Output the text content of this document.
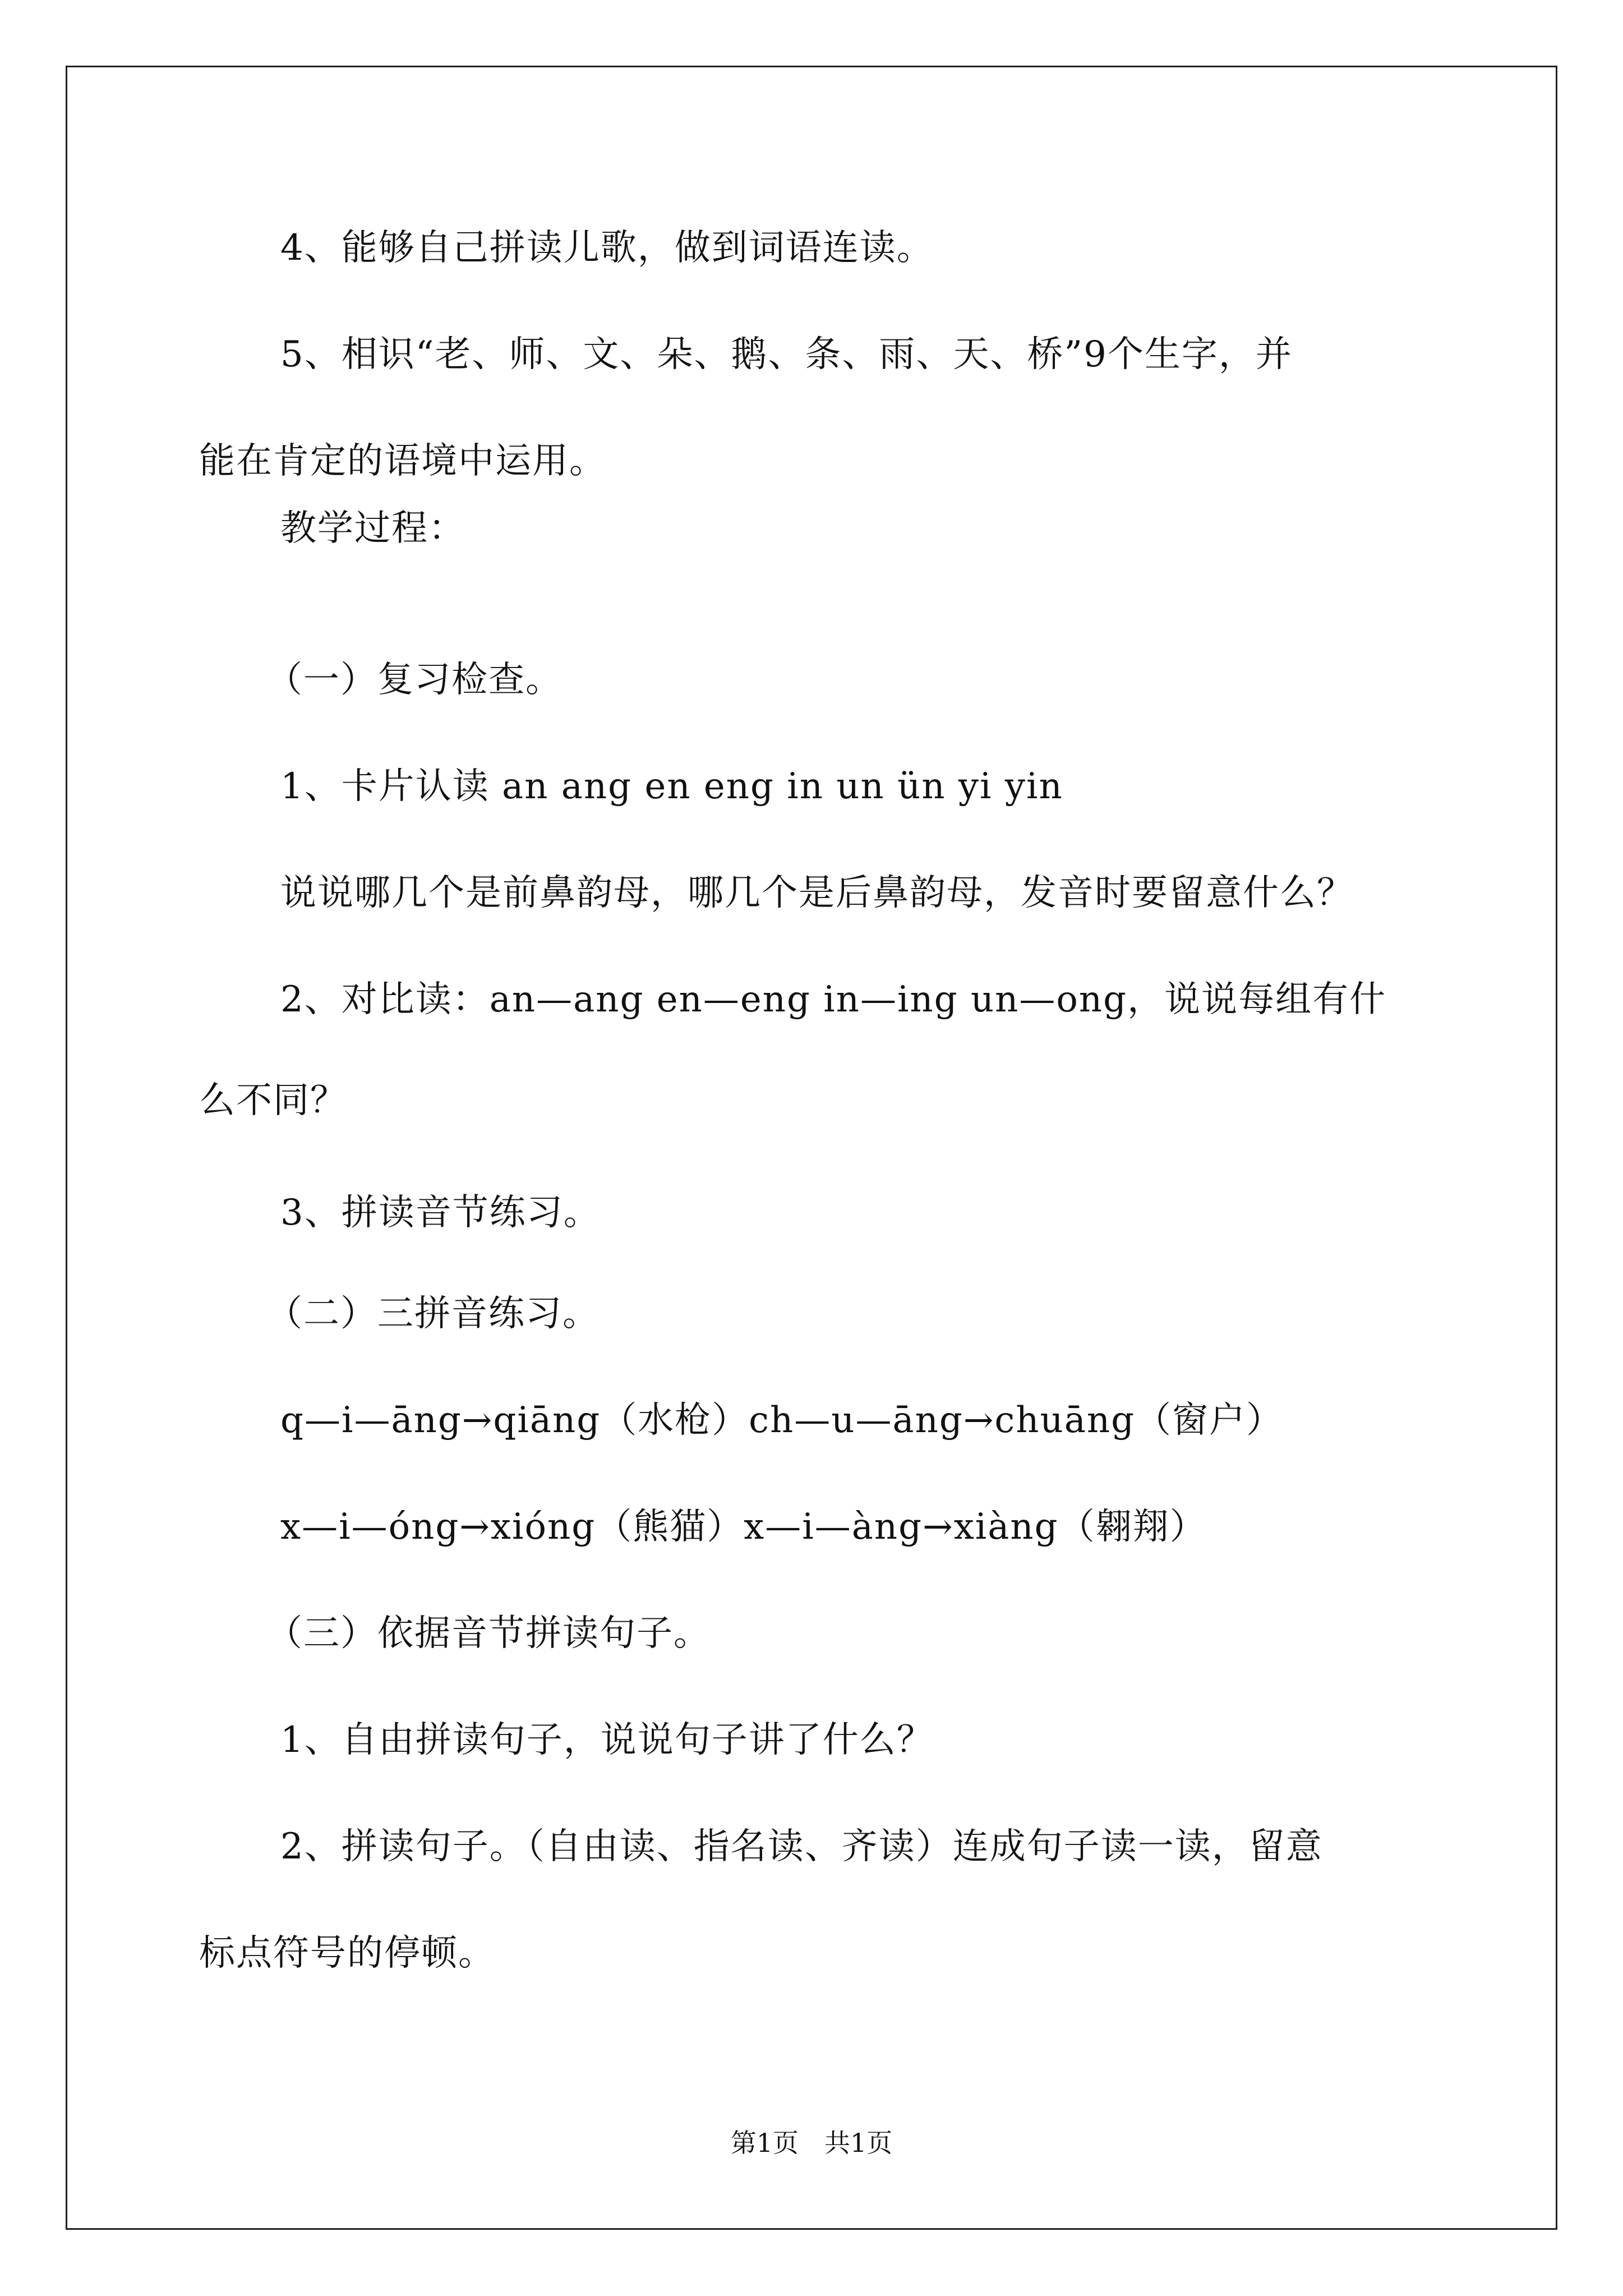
4、能够自己拼读儿歌，做到词语连读。
5、相识“老、师、文、朵、鹅、条、雨、天、桥”9个生字，并
能在肯定的语境中运用。
教学过程：
（一）复习检查。
1、卡片认读 an ang en eng in un ün yi yin
说说哪几个是前鼻韵母，哪几个是后鼻韵母，发音时要留意什么？
2、对比读：an—ang en—eng in—ing un—ong，说说每组有什
么不同？
3、拼读音节练习。
（二）三拼音练习。
q—i—āng→qiāng（水枪）ch—u—āng→chuāng（窗户）
x—i—óng→xióng（熊猫）x—i—àng→xiàng（翱翔）
（三）依据音节拼读句子。
1、自由拼读句子，说说句子讲了什么？
2、拼读句子。（自由读、指名读、齐读）连成句子读一读，留意
标点符号的停顿。
第1页　共1页
